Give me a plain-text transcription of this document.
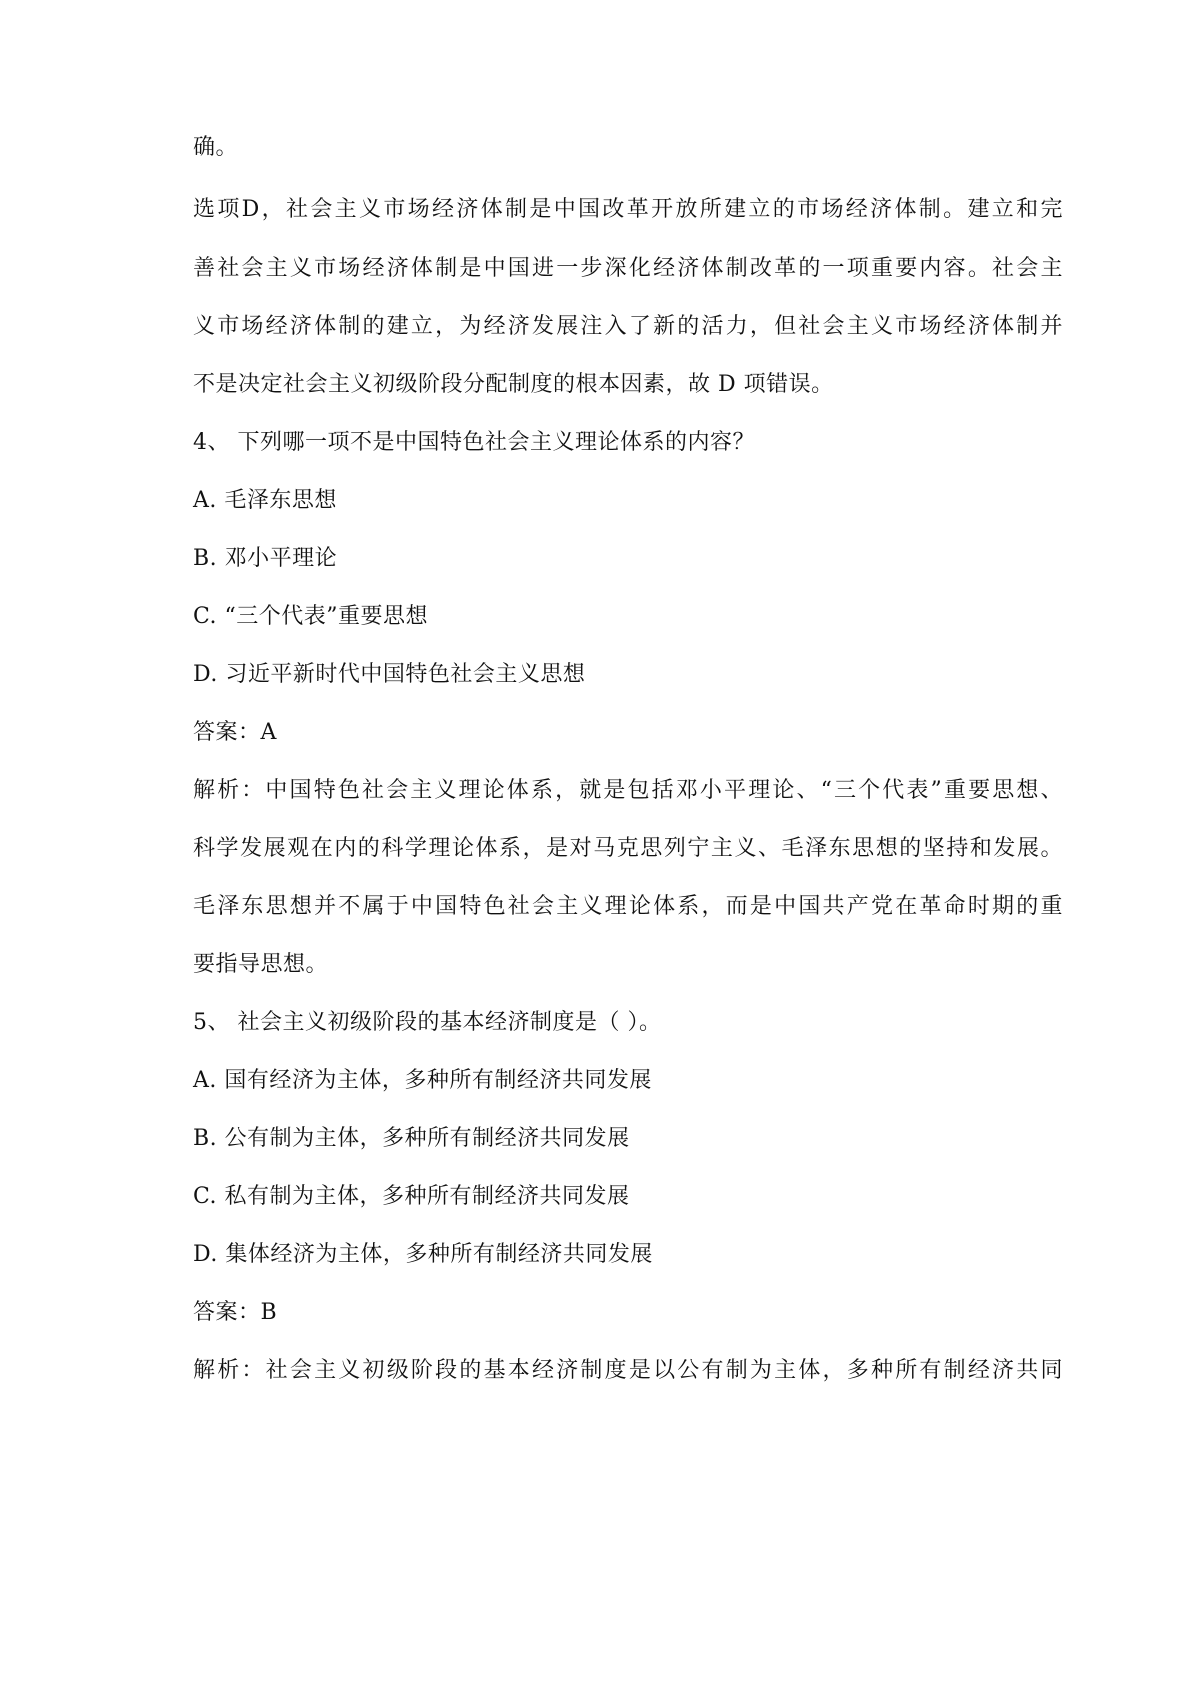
确。
选项D，社会主义市场经济体制是中国改革开放所建立的市场经济体制。建立和完
善社会主义市场经济体制是中国进一步深化经济体制改革的一项重要内容。社会主
义市场经济体制的建立，为经济发展注入了新的活力，但社会主义市场经济体制并
不是决定社会主义初级阶段分配制度的根本因素，故 D 项错误。
4、 下列哪一项不是中国特色社会主义理论体系的内容？
A. 毛泽东思想
B. 邓小平理论
C. “三个代表”重要思想
D. 习近平新时代中国特色社会主义思想
答案：A
解析：中国特色社会主义理论体系，就是包括邓小平理论、“三个代表”重要思想、
科学发展观在内的科学理论体系，是对马克思列宁主义、毛泽东思想的坚持和发展。
毛泽东思想并不属于中国特色社会主义理论体系，而是中国共产党在革命时期的重
要指导思想。
5、 社会主义初级阶段的基本经济制度是（ ）。
A. 国有经济为主体，多种所有制经济共同发展
B. 公有制为主体，多种所有制经济共同发展
C. 私有制为主体，多种所有制经济共同发展
D. 集体经济为主体，多种所有制经济共同发展
答案：B
解析：社会主义初级阶段的基本经济制度是以公有制为主体，多种所有制经济共同
